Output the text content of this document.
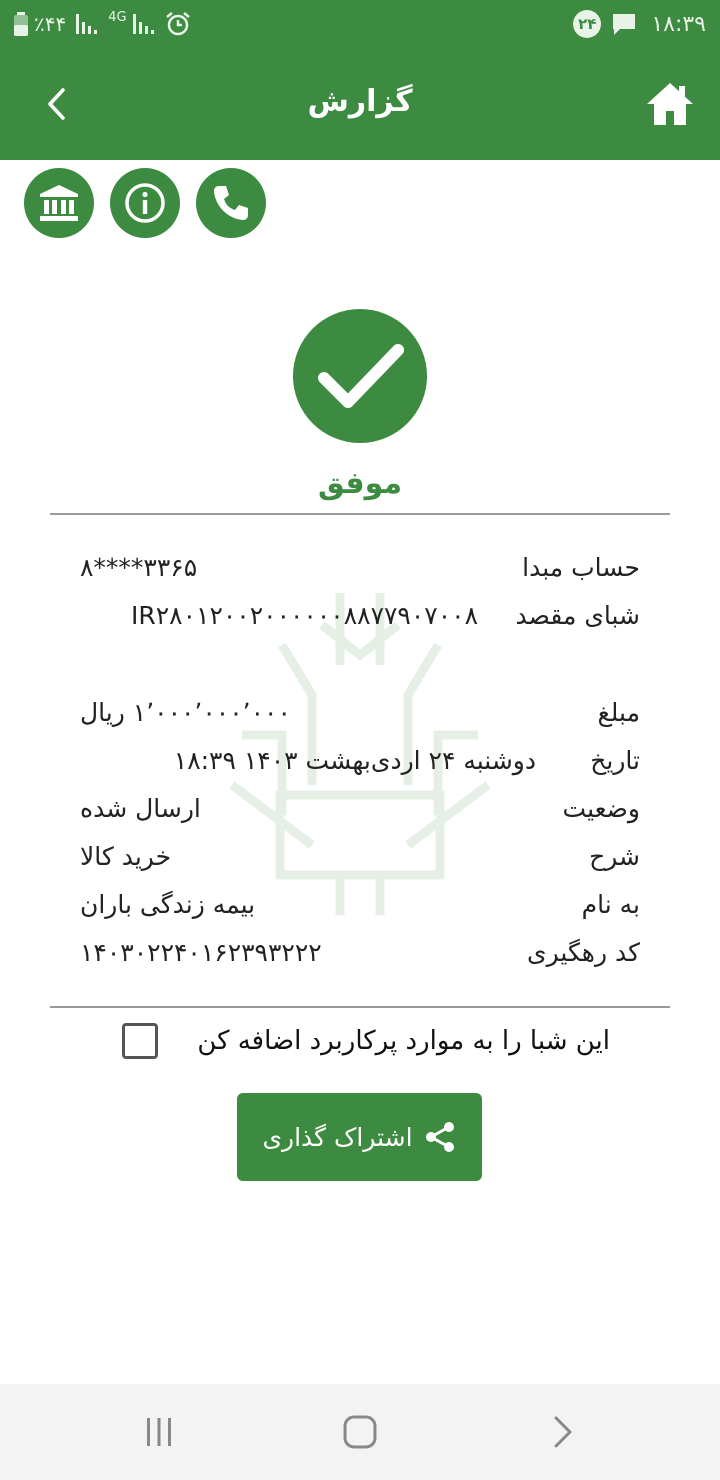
٪۴۴	4G	۲۴ ۱۸:۳۹
گزارش
موفق
حساب مبدا
۸****۳۳۶۵
شبای مقصد
IR۲۸۰۱۲۰۰۲۰۰۰۰۰۰۸۸۷۷۹۰۷۰۰۸
مبلغ
۱٬۰۰۰٬۰۰۰٬۰۰۰ ریال
تاریخ
دوشنبه ۲۴ اردی‌بهشت ۱۴۰۳ ۱۸:۳۹
وضعیت
ارسال شده
شرح
خرید کالا
به نام
بیمه زندگی باران
کد رهگیری
۱۴۰۳۰۲۲۴۰۱۶۲۳۹۳۲۲۲
این شبا را به موارد پرکاربرد اضافه کن
اشتراک گذاری
